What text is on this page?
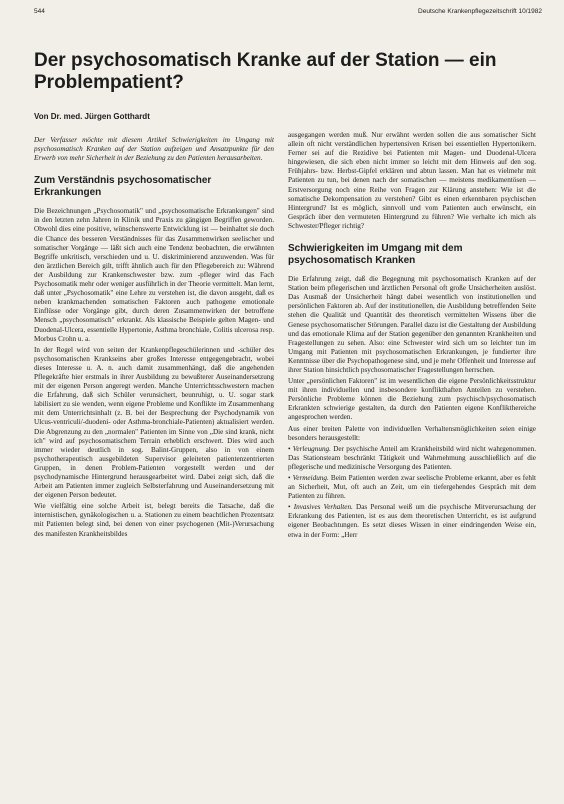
544	Deutsche Krankenpflegezeitschrift 10/1982
Der psychosomatisch Kranke auf der Station — ein Problempatient?
Von Dr. med. Jürgen Gotthardt

Der Verfasser möchte mit diesem Artikel Schwierigkeiten im Umgang mit psychosomatisch Kranken auf der Station aufzeigen und Ansatzpunkte für den Erwerb von mehr Sicherheit in der Beziehung zu den Patienten herausarbeiten.

Zum Verständnis psychosomatischer Erkrankungen

Die Bezeichnungen „Psychosomatik" und „psychosomatische Erkrankungen" sind in den letzten zehn Jahren in Klinik und Praxis zu gängigen Begriffen geworden. Obwohl dies eine positive, wünschenswerte Entwicklung ist — beinhaltet sie doch die Chance des besseren Verständnisses für das Zusammenwirken seelischer und somatischer Vorgänge — läßt sich auch eine Tendenz beobachten, die erwähnten Begriffe unkritisch, verschieden und u. U. diskriminierend anzuwenden. Was für den ärztlichen Bereich gilt, trifft ähnlich auch für den Pflegebereich zu: Während der Ausbildung zur Krankenschwester bzw. zum -pfleger wird das Fach Psychosomatik mehr oder weniger ausführlich in der Theorie vermittelt. Man lernt, daß unter „Psychosomatik" eine Lehre zu verstehen ist, die davon ausgeht, daß es neben krankmachenden somatischen Faktoren auch pathogene emotionale Einflüsse oder Vorgänge gibt, durch deren Zusammenwirken der betroffene Mensch „psychosomatisch" erkrankt. Als klassische Beispiele gelten Magen- und Duodenal-Ulcera, essentielle Hypertonie, Asthma bronchiale, Colitis ulcerosa resp. Morbus Crohn u. a.

In der Regel wird von seiten der Krankenpflegeschülerinnen und -schüler des psychosomatischen Krankseins aber großes Interesse entgegengebracht, wobei dieses Interesse u. A. n. auch damit zusammenhängt, daß die angehenden Pflegekräfte hier erstmals in ihrer Ausbildung zu bewußterer Auseinandersetzung mit der eigenen Person angeregt werden. Manche Unterrichtsschwestern machen die Erfahrung, daß sich Schüler verunsichert, beunruhigt, u. U. sogar stark labilisiert zu sie wenden, wenn eigene Probleme und Konflikte im Zusammenhang mit dem Unterrichtsinhalt (z. B. bei der Besprechung der Psychodynamik von Ulcus-ventriculi/-duodeni- oder Asthma-bronchiale-Patienten) aktualisiert werden. Die Abgrenzung zu den „normalen" Patienten im Sinne von „Die sind krank, nicht ich" wird auf psychosomatischem Terrain erheblich erschwert. Dies wird auch immer wieder deutlich in sog. Balint-Gruppen, also in von einem psychotherapeutisch ausgebildeten Supervisor geleiteten patientenzentrierten Gruppen, in denen Problem-Patienten vorgestellt werden und der psychodynamische Hintergrund herausgearbeitet wird. Dabei zeigt sich, daß die Arbeit am Patienten immer zugleich Selbsterfahrung und Auseinandersetzung mit der eigenen Person bedeutet.

Wie vielfältig eine solche Arbeit ist, belegt bereits die Tatsache, daß die internistischen, gynäkologischen u. a. Stationen zu einem beachtlichen Prozentsatz mit Patienten belegt sind, bei denen von einer psychogenen (Mit-)Verursachung des manifesten Krankheitsbildes

ausgegangen werden muß. Nur erwähnt werden sollen die aus somatischer Sicht allein oft nicht verständlichen hypertensiven Krisen bei essentiellen Hypertonikern. Ferner sei auf die Rezidive bei Patienten mit Magen- und Duodenal-Ulcera hingewiesen, die sich eben nicht immer so leicht mit dem Hinweis auf den sog. Frühjahrs- bzw. Herbst-Gipfel erklären und abtun lassen. Man hat es vielmehr mit Patienten zu tun, bei denen nach der somatischen — meistens medikamentösen — Erstversorgung noch eine Reihe von Fragen zur Klärung anstehen: Wie ist die somatische Dekompensation zu verstehen? Gibt es einen erkennbaren psychischen Hintergrund? Ist es möglich, sinnvoll und vom Patienten auch erwünscht, ein Gespräch über den vermuteten Hintergrund zu führen? Wie verhalte ich mich als Schwester/Pfleger richtig?

Schwierigkeiten im Umgang mit dem psychosomatisch Kranken

Die Erfahrung zeigt, daß die Begegnung mit psychosomatisch Kranken auf der Station beim pflegerischen und ärztlichen Personal oft große Unsicherheiten auslöst. Das Ausmaß der Unsicherheit hängt dabei wesentlich von institutionellen und persönlichen Faktoren ab. Auf der institutionellen, die Ausbildung betreffenden Seite stehen die Qualität und Quantität des theoretisch vermittelten Wissens über die Genese psychosomatischer Störungen. Parallel dazu ist die Gestaltung der Ausbildung und das emotionale Klima auf der Station gegenüber den genannten Krankheiten und Fragestellungen zu sehen. Also: eine Schwester wird sich um so leichter tun im Umgang mit Patienten mit psychosomatischen Erkrankungen, je fundierter ihre Kenntnisse über die Psychopathogenese sind, und je mehr Offenheit und Interesse auf ihrer Station hinsichtlich psychosomatischer Fragestellungen herrschen.

Unter „persönlichen Faktoren" ist im wesentlichen die eigene Persönlichkeitsstruktur mit ihren individuellen und insbesondere konflikthaften Anteilen zu verstehen. Persönliche Probleme können die Beziehung zum psychisch/psychosomatisch Erkrankten schwierige gestalten, da durch den Patienten eigene Konflikthereiche angesprochen werden.

Aus einer breiten Palette von individuellen Verhaltensmöglichkeiten seien einige besonders herausgestellt:

• Verleugnung. Der psychische Anteil am Krankheitsbild wird nicht wahrgenommen. Das Stationsteam beschränkt Tätigkeit und Wahrnehmung ausschließlich auf die pflegerische und medizinische Versorgung des Patienten.

• Vermeidung. Beim Patienten werden zwar seelische Probleme erkannt, aber es fehlt an Sicherheit, Mut, oft auch an Zeit, um ein tiefergehendes Gespräch mit dem Patienten zu führen.

• Invasives Verhalten. Das Personal weiß um die psychische Mitverursachung der Erkrankung des Patienten, ist es aus dem theoretischen Unterricht, es ist aufgrund eigener Beobachtungen. Es setzt dieses Wissen in einer eindringenden Weise ein, etwa in der Form: „Herr
